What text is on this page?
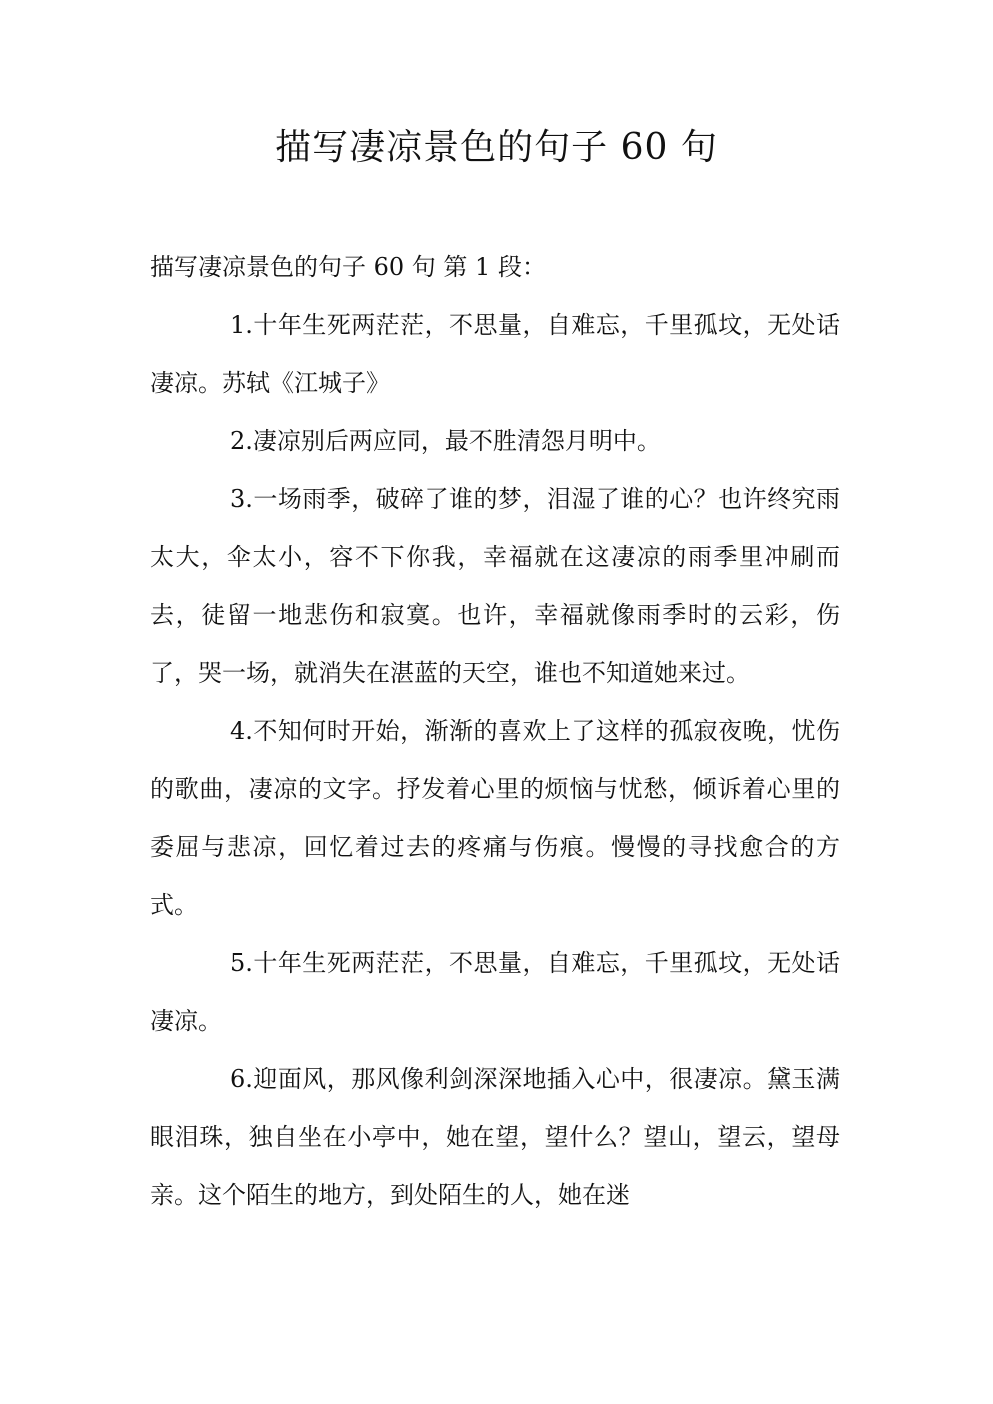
描写凄凉景色的句子 60 句

描写凄凉景色的句子 60 句 第 1 段：

1.十年生死两茫茫，不思量，自难忘，千里孤坟，无处话凄凉。苏轼《江城子》

2.凄凉别后两应同，最不胜清怨月明中。

3.一场雨季，破碎了谁的梦，泪湿了谁的心？也许终究雨太大，伞太小，容不下你我，幸福就在这凄凉的雨季里冲刷而去，徒留一地悲伤和寂寞。也许，幸福就像雨季时的云彩，伤了，哭一场，就消失在湛蓝的天空，谁也不知道她来过。

4.不知何时开始，渐渐的喜欢上了这样的孤寂夜晚，忧伤的歌曲，凄凉的文字。抒发着心里的烦恼与忧愁，倾诉着心里的委屈与悲凉，回忆着过去的疼痛与伤痕。慢慢的寻找愈合的方式。

5.十年生死两茫茫，不思量，自难忘，千里孤坟，无处话凄凉。

6.迎面风，那风像利剑深深地插入心中，很凄凉。黛玉满眼泪珠，独自坐在小亭中，她在望，望什么？望山，望云，望母亲。这个陌生的地方，到处陌生的人，她在迷
